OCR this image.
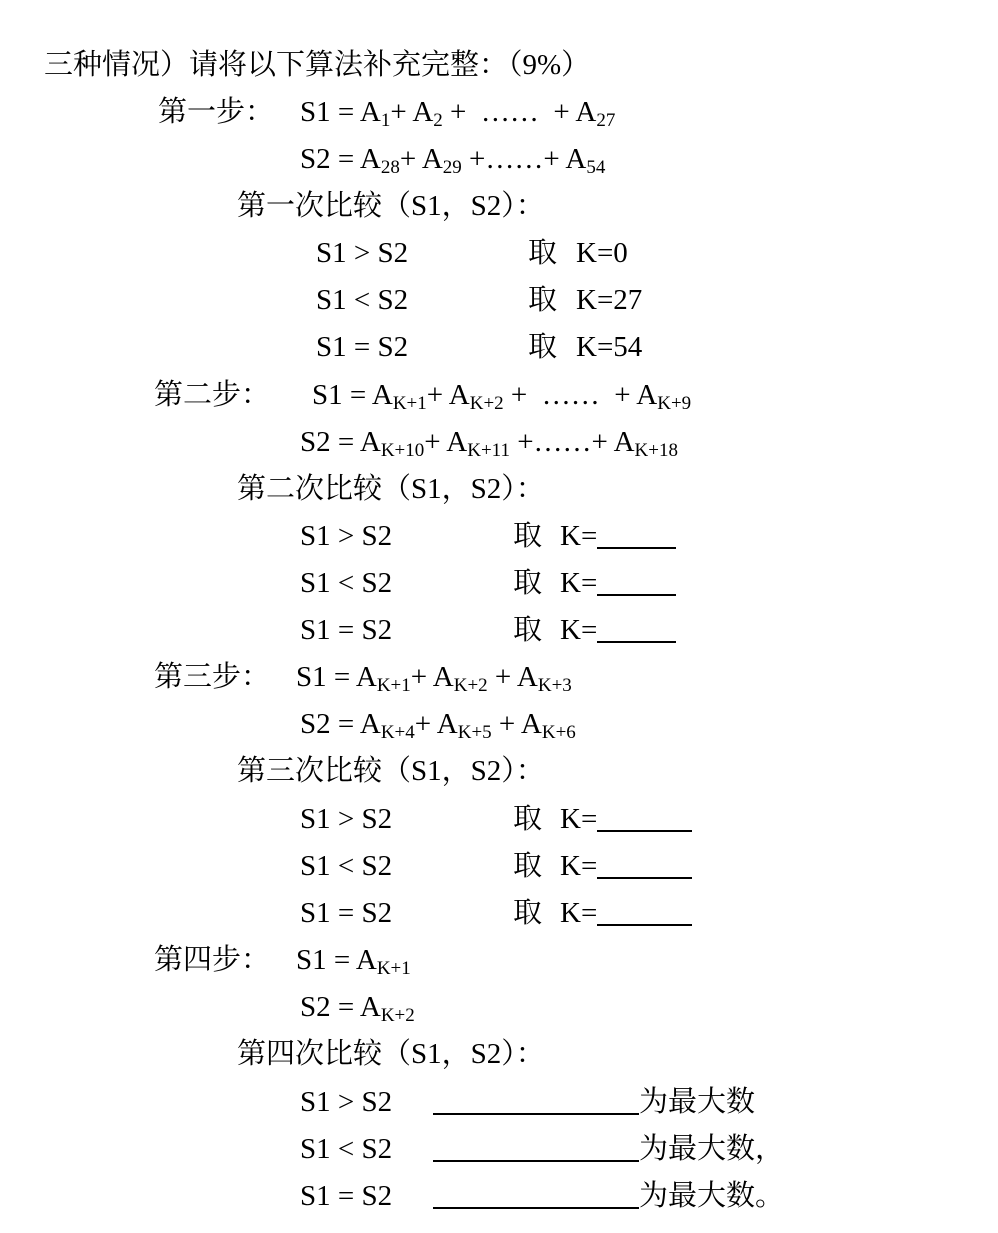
三种情况）请将以下算法补充完整：（9%）
第一步： $S1 = A_1+ A_2$ +  ……  + $A_{27}$
$S2 = A_{28}+ A_{29}$ +……+ $A_{54}$
第一次比较（S1，S2）：
S1 > S2	取 K=0
S1 < S2	取 K=27
S1 = S2	取 K=54
第二步： $S1 = A_{K+1}+ A_{K+2}$ +  ……  + $A_{K+9}$
$S2 = A_{K+10}+ A_{K+11}$ +……+ $A_{K+18}$
第二次比较（S1，S2）：
S1 > S2	取 K=
S1 < S2	取 K=
S1 = S2	取 K=
第三步： $S1 = A_{K+1}+ A_{K+2} + A_{K+3}$
$S2 = A_{K+4}+ A_{K+5} + A_{K+6}$
第三次比较（S1，S2）：
S1 > S2	取 K=
S1 < S2	取 K=
S1 = S2	取 K=
第四步： $S1 = A_{K+1}$
$S2 = A_{K+2}$
第四次比较（S1，S2）：
S1 > S2	为最大数
S1 < S2	为最大数，
S1 = S2	为最大数。
